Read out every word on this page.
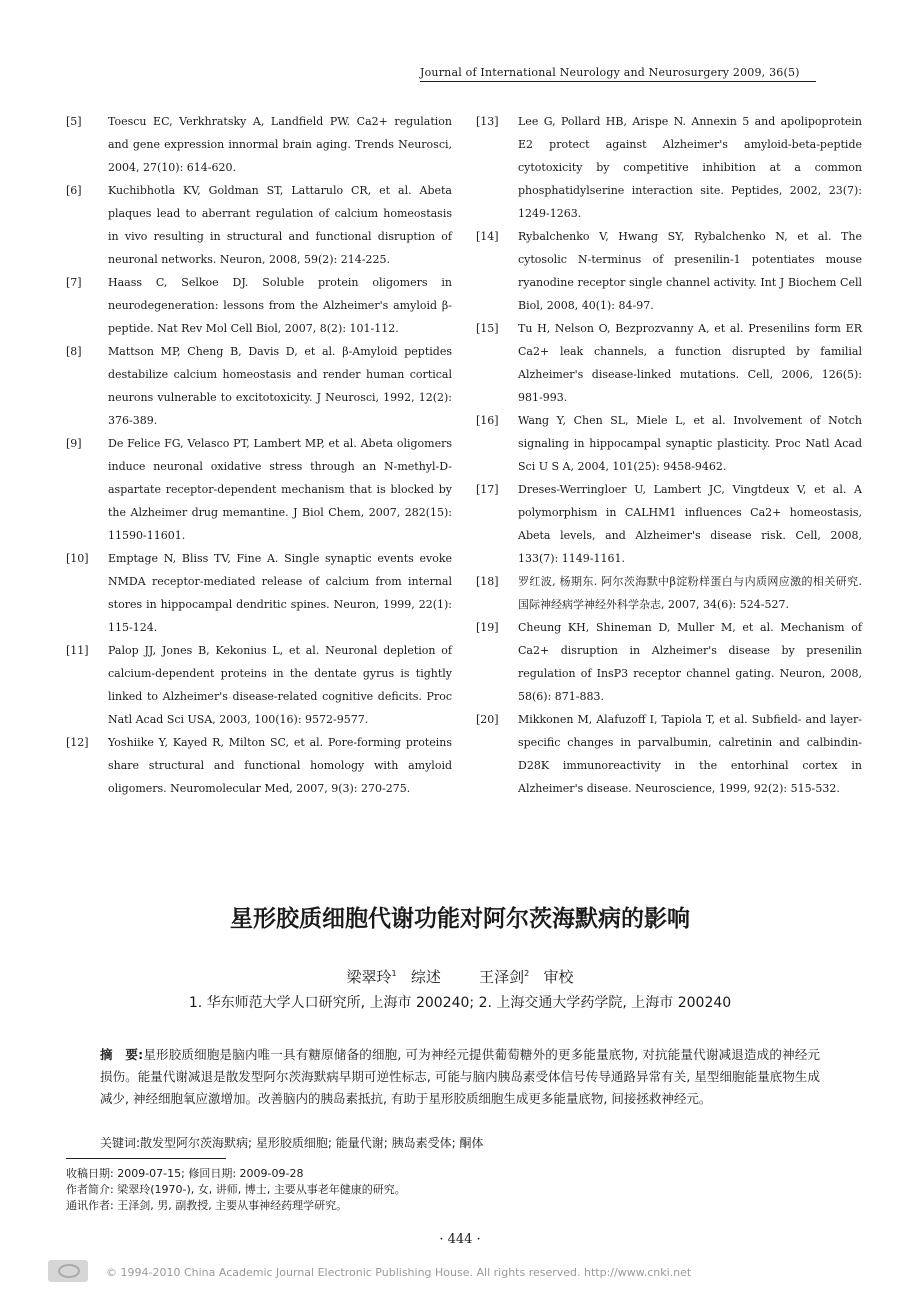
Journal of International Neurology and Neurosurgery 2009, 36(5)
[5]	Toescu EC, Verkhratsky A, Landfield PW. Ca2+ regulation and gene expression innormal brain aging. Trends Neurosci, 2004, 27(10): 614-620.
[6]	Kuchibhotla KV, Goldman ST, Lattarulo CR, et al. Abeta plaques lead to aberrant regulation of calcium homeostasis in vivo resulting in structural and functional disruption of neuronal networks. Neuron, 2008, 59(2): 214-225.
[7]	Haass C, Selkoe DJ. Soluble protein oligomers in neurodegeneration: lessons from the Alzheimer's amyloid β-peptide. Nat Rev Mol Cell Biol, 2007, 8(2): 101-112.
[8]	Mattson MP, Cheng B, Davis D, et al. β-Amyloid peptides destabilize calcium homeostasis and render human cortical neurons vulnerable to excitotoxicity. J Neurosci, 1992, 12(2): 376-389.
[9]	De Felice FG, Velasco PT, Lambert MP, et al. Abeta oligomers induce neuronal oxidative stress through an N-methyl-D-aspartate receptor-dependent mechanism that is blocked by the Alzheimer drug memantine. J Biol Chem, 2007, 282(15): 11590-11601.
[10]	Emptage N, Bliss TV, Fine A. Single synaptic events evoke NMDA receptor-mediated release of calcium from internal stores in hippocampal dendritic spines. Neuron, 1999, 22(1): 115-124.
[11]	Palop JJ, Jones B, Kekonius L, et al. Neuronal depletion of calcium-dependent proteins in the dentate gyrus is tightly linked to Alzheimer's disease-related cognitive deficits. Proc Natl Acad Sci USA, 2003, 100(16): 9572-9577.
[12]	Yoshiike Y, Kayed R, Milton SC, et al. Pore-forming proteins share structural and functional homology with amyloid oligomers. Neuromolecular Med, 2007, 9(3): 270-275.
[13]	Lee G, Pollard HB, Arispe N. Annexin 5 and apolipoprotein E2 protect against Alzheimer's amyloid-beta-peptide cytotoxicity by competitive inhibition at a common phosphatidylserine interaction site. Peptides, 2002, 23(7): 1249-1263.
[14]	Rybalchenko V, Hwang SY, Rybalchenko N, et al. The cytosolic N-terminus of presenilin-1 potentiates mouse ryanodine receptor single channel activity. Int J Biochem Cell Biol, 2008, 40(1): 84-97.
[15]	Tu H, Nelson O, Bezprozvanny A, et al. Presenilins form ER Ca2+ leak channels, a function disrupted by familial Alzheimer's disease-linked mutations. Cell, 2006, 126(5): 981-993.
[16]	Wang Y, Chen SL, Miele L, et al. Involvement of Notch signaling in hippocampal synaptic plasticity. Proc Natl Acad Sci U S A, 2004, 101(25): 9458-9462.
[17]	Dreses-Werringloer U, Lambert JC, Vingtdeux V, et al. A polymorphism in CALHM1 influences Ca2+ homeostasis, Abeta levels, and Alzheimer's disease risk. Cell, 2008, 133(7): 1149-1161.
[18]	罗红波, 杨期东. 阿尔茨海默中β淀粉样蛋白与内质网应激的相关研究. 国际神经病学神经外科学杂志, 2007, 34(6): 524-527.
[19]	Cheung KH, Shineman D, Muller M, et al. Mechanism of Ca2+ disruption in Alzheimer's disease by presenilin regulation of InsP3 receptor channel gating. Neuron, 2008, 58(6): 871-883.
[20]	Mikkonen M, Alafuzoff I, Tapiola T, et al. Subfield- and layer-specific changes in parvalbumin, calretinin and calbindin-D28K immunoreactivity in the entorhinal cortex in Alzheimer's disease. Neuroscience, 1999, 92(2): 515-532.
星形胶质细胞代谢功能对阿尔茨海默病的影响
梁翠玲$^1$ 综述	王泽剑$^2$ 审校
1. 华东师范大学人口研究所, 上海市 200240; 2. 上海交通大学药学院, 上海市 200240
摘　要:星形胶质细胞是脑内唯一具有糖原储备的细胞, 可为神经元提供葡萄糖外的更多能量底物, 对抗能量代谢减退造成的神经元损伤。能量代谢减退是散发型阿尔茨海默病早期可逆性标志, 可能与脑内胰岛素受体信号传导通路异常有关, 星型细胞能量底物生成减少, 神经细胞氧应激增加。改善脑内的胰岛素抵抗, 有助于星形胶质细胞生成更多能量底物, 间接拯救神经元。
关键词:散发型阿尔茨海默病; 星形胶质细胞; 能量代谢; 胰岛素受体; 酮体
收稿日期: 2009-07-15; 修回日期: 2009-09-28
作者简介: 梁翠玲(1970-), 女, 讲师, 博士, 主要从事老年健康的研究。
通讯作者: 王泽剑, 男, 副教授, 主要从事神经药理学研究。
· 444 ·
© 1994-2010 China Academic Journal Electronic Publishing House. All rights reserved. http://www.cnki.net
